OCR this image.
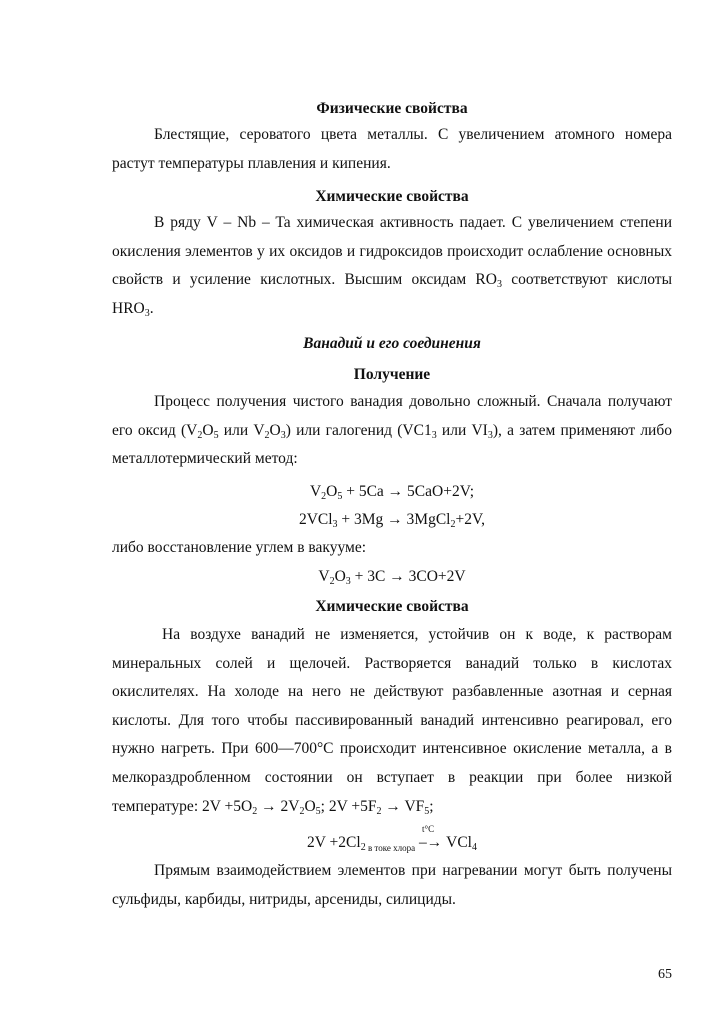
Физические свойства
Блестящие, сероватого цвета металлы. С увеличением атомного номера растут температуры плавления и кипения.
Химические свойства
В ряду V – Nb – Ta химическая активность падает. С увеличением степени окисления элементов у их оксидов и гидроксидов происходит ослабление основных свойств и усиление кислотных. Высшим оксидам $RO_3$ соответствуют кислоты $HRO_3$.
Ванадий и его соединения
Получение
Процесс получения чистого ванадия довольно сложный. Сначала получают его оксид ($V_2O_5$ или $V_2O_3$) или галогенид ($VC1_3$ или $VI_3$), а затем применяют либо металлотермический метод:
$V_2O_5 + 5Ca \to 5CaO+2V$;
2VCl$_3$ + 3Mg → 3MgCl$_2$+2V,
либо восстановление углем в вакууме:
$V_2O_3 + 3C \to 3CO+2V$
Химические свойства
На воздухе ванадий не изменяется, устойчив он к воде, к растворам минеральных солей и щелочей. Растворяется ванадий только в кислотах окислителях. На холоде на него не действуют разбавленные азотная и серная кислоты. Для того чтобы пассивированный ванадий интенсивно реагировал, его нужно нагреть. При 600—700°С происходит интенсивное окисление металла, а в мелкораздробленном состоянии он вступает в реакции при более низкой температуре: $2V +5O_2 \to 2V_2O_5$; $2V +5F_2 \to VF_5$;
$2V +2Cl_2$ $_{в токе хлора}$
t°C
–→ VCl$_4$
Прямым взаимодействием элементов при нагревании могут быть получены сульфиды, карбиды, нитриды, арсениды, силициды.
65
